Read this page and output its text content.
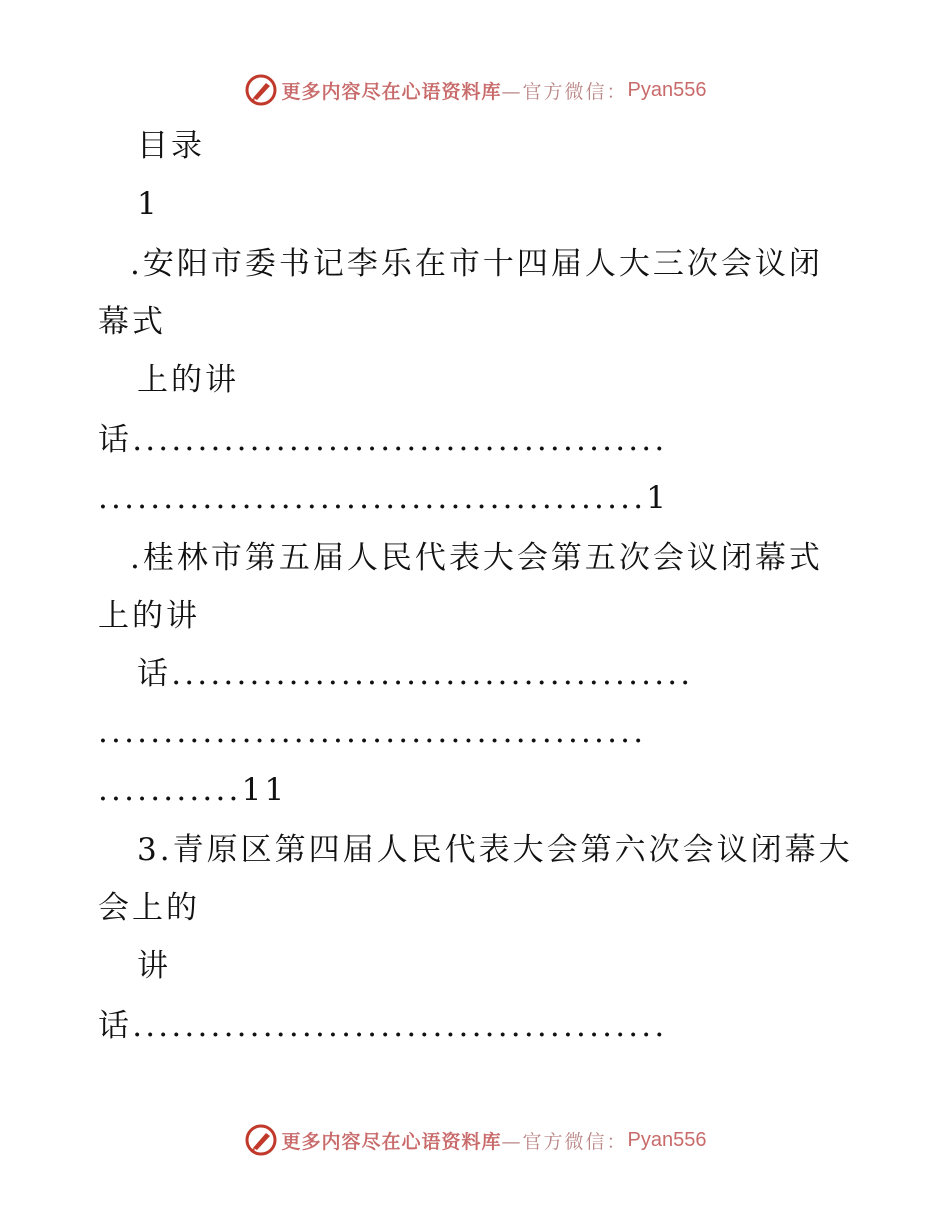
更多内容尽在心语资料库 —官方微信： Pyan556
目录
1
.安阳市委书记李乐在市十四届人大三次会议闭
幕式
上的讲
话.........................................
..........................................1
.桂林市第五届人民代表大会第五次会议闭幕式
上的讲
话........................................
..........................................
...........11
3.青原区第四届人民代表大会第六次会议闭幕大
会上的
讲
话.........................................
更多内容尽在心语资料库 —官方微信： Pyan556
